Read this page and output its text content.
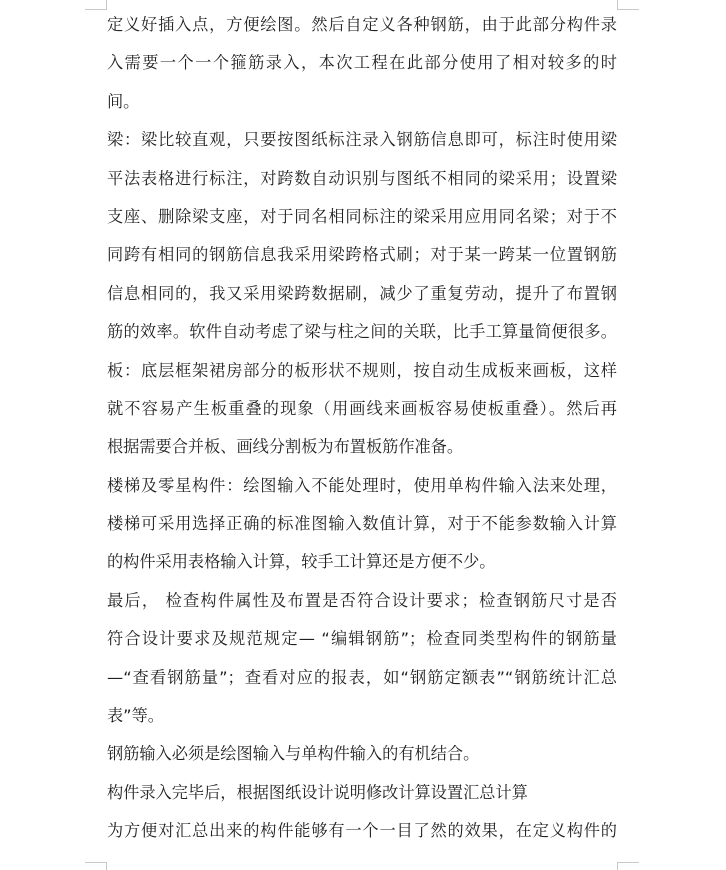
定义好插入点，方便绘图。然后自定义各种钢筋，由于此部分构件录
入需要一个一个箍筋录入，本次工程在此部分使用了相对较多的时
间。
梁：梁比较直观，只要按图纸标注录入钢筋信息即可，标注时使用梁
平法表格进行标注，对跨数自动识别与图纸不相同的梁采用；设置梁
支座、删除梁支座，对于同名相同标注的梁采用应用同名梁；对于不
同跨有相同的钢筋信息我采用梁跨格式刷；对于某一跨某一位置钢筋
信息相同的，我又采用梁跨数据刷，减少了重复劳动，提升了布置钢
筋的效率。软件自动考虑了梁与柱之间的关联，比手工算量简便很多。
板：底层框架裙房部分的板形状不规则，按自动生成板来画板，这样
就不容易产生板重叠的现象（用画线来画板容易使板重叠）。然后再
根据需要合并板、画线分割板为布置板筋作准备。
楼梯及零星构件：绘图输入不能处理时，使用单构件输入法来处理，
楼梯可采用选择正确的标准图输入数值计算，对于不能参数输入计算
的构件采用表格输入计算，较手工计算还是方便不少。
最后， 检查构件属性及布置是否符合设计要求；检查钢筋尺寸是否
符合设计要求及规范规定— “编辑钢筋”；检查同类型构件的钢筋量
—“查看钢筋量”；查看对应的报表，如“钢筋定额表”“钢筋统计汇总
表”等。
钢筋输入必须是绘图输入与单构件输入的有机结合。
构件录入完毕后，根据图纸设计说明修改计算设置汇总计算
为方便对汇总出来的构件能够有一个一目了然的效果，在定义构件的
